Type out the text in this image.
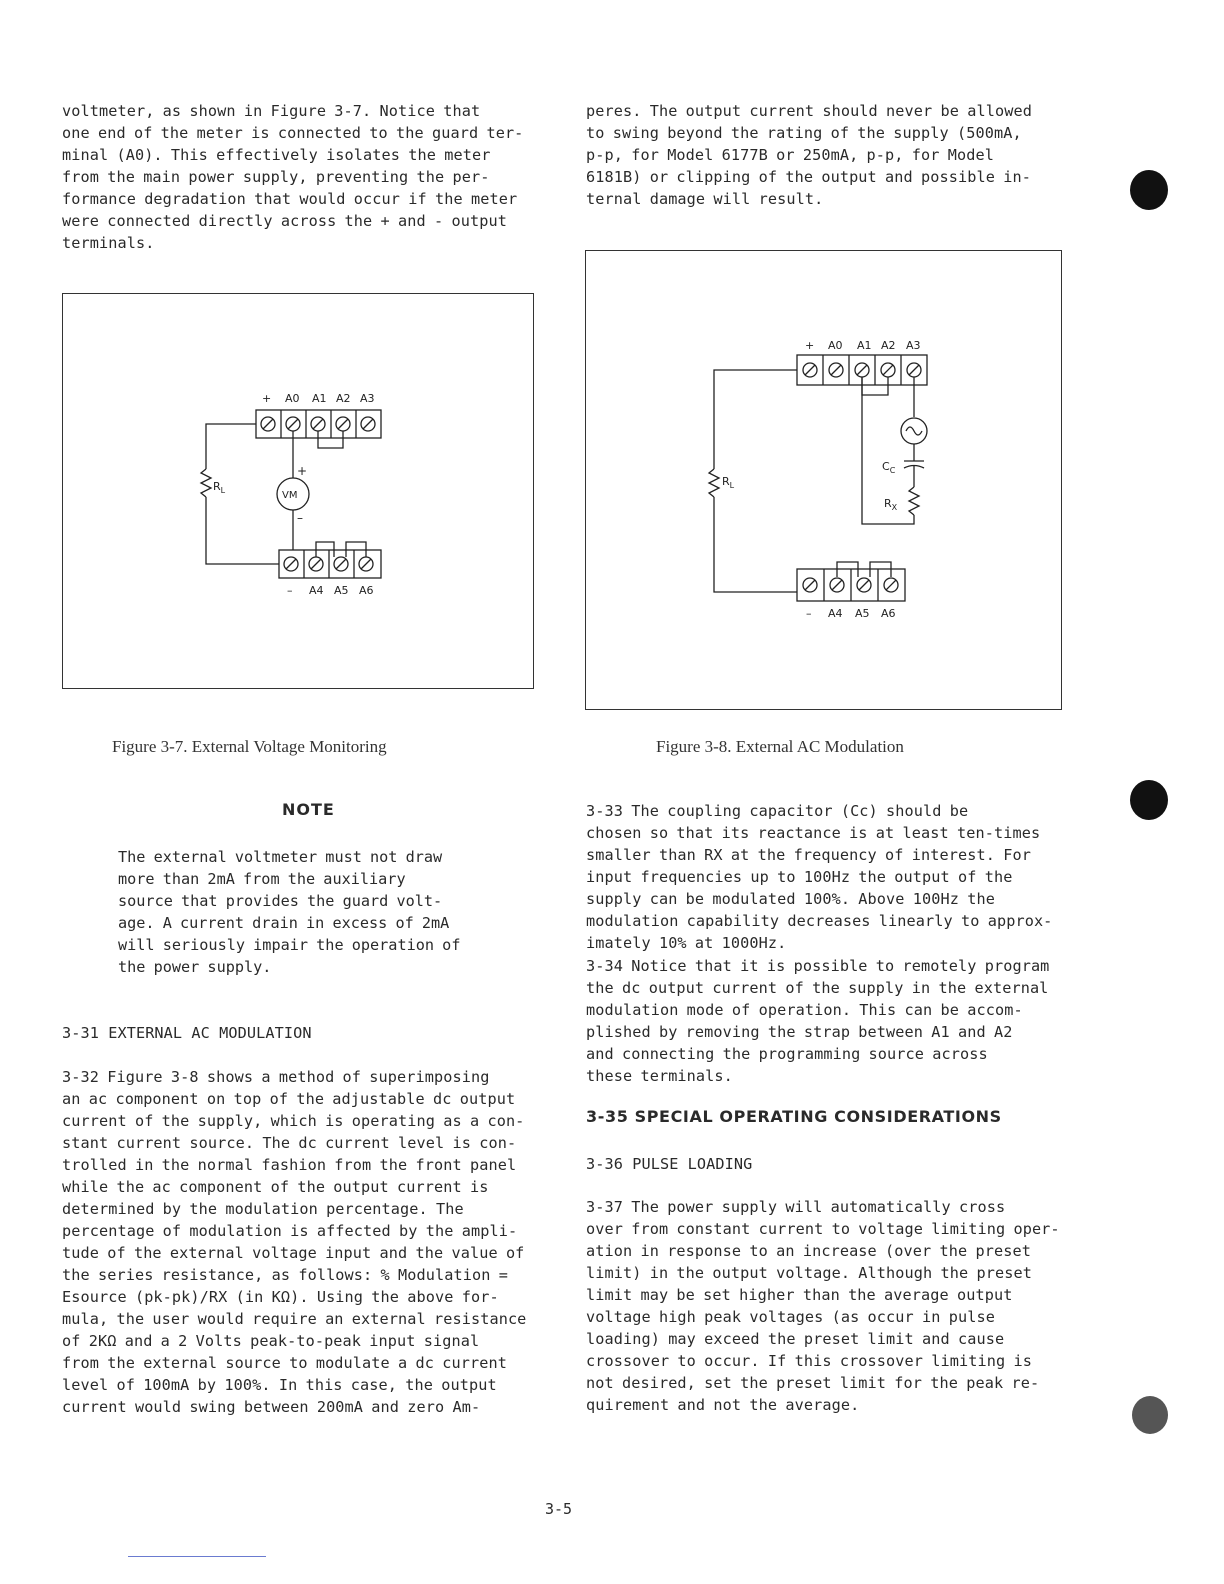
voltmeter, as shown in Figure 3-7. Notice that

one end of the meter is connected to the guard ter-

minal (A0). This effectively isolates the meter

from the main power supply, preventing the per-

formance degradation that would occur if the meter

were connected directly across the + and - output

terminals.

peres. The output current should never be allowed

to swing beyond the rating of the supply (500mA,

p-p, for Model 6177B or 250mA, p-p, for Model

6181B) or clipping of the output and possible in-

ternal damage will result.

+ A0 A1 A2 A3
– A4 A5 A6
$R_L$	VM
+
–
Figure 3-7. External Voltage Monitoring
+ A0 A1 A2 A3
– A4 A5 A6
$R_L$
$C_C$
$R_X$
Figure 3-8. External AC Modulation
NOTE

The external voltmeter must not draw

more than 2mA from the auxiliary

source that provides the guard volt-

age. A current drain in excess of 2mA

will seriously impair the operation of

the power supply.

3-31 EXTERNAL AC MODULATION

3-32 Figure 3-8 shows a method of superimposing

an ac component on top of the adjustable dc output

current of the supply, which is operating as a con-

stant current source. The dc current level is con-

trolled in the normal fashion from the front panel

while the ac component of the output current is

determined by the modulation percentage. The

percentage of modulation is affected by the ampli-

tude of the external voltage input and the value of

the series resistance, as follows: % Modulation =

Esource (pk-pk)/RX (in KΩ). Using the above for-

mula, the user would require an external resistance

of 2KΩ and a 2 Volts peak-to-peak input signal

from the external source to modulate a dc current

level of 100mA by 100%. In this case, the output

current would swing between 200mA and zero Am-

3-33 The coupling capacitor (Cc) should be

chosen so that its reactance is at least ten-times

smaller than RX at the frequency of interest. For

input frequencies up to 100Hz the output of the

supply can be modulated 100%. Above 100Hz the

modulation capability decreases linearly to approx-

imately 10% at 1000Hz.

3-34 Notice that it is possible to remotely program

the dc output current of the supply in the external

modulation mode of operation. This can be accom-

plished by removing the strap between A1 and A2

and connecting the programming source across

these terminals.

3-35 SPECIAL OPERATING CONSIDERATIONS
3-36 PULSE LOADING

3-37 The power supply will automatically cross

over from constant current to voltage limiting oper-

ation in response to an increase (over the preset

limit) in the output voltage. Although the preset

limit may be set higher than the average output

voltage high peak voltages (as occur in pulse

loading) may exceed the preset limit and cause

crossover to occur. If this crossover limiting is

not desired, set the preset limit for the peak re-

quirement and not the average.

3-5
